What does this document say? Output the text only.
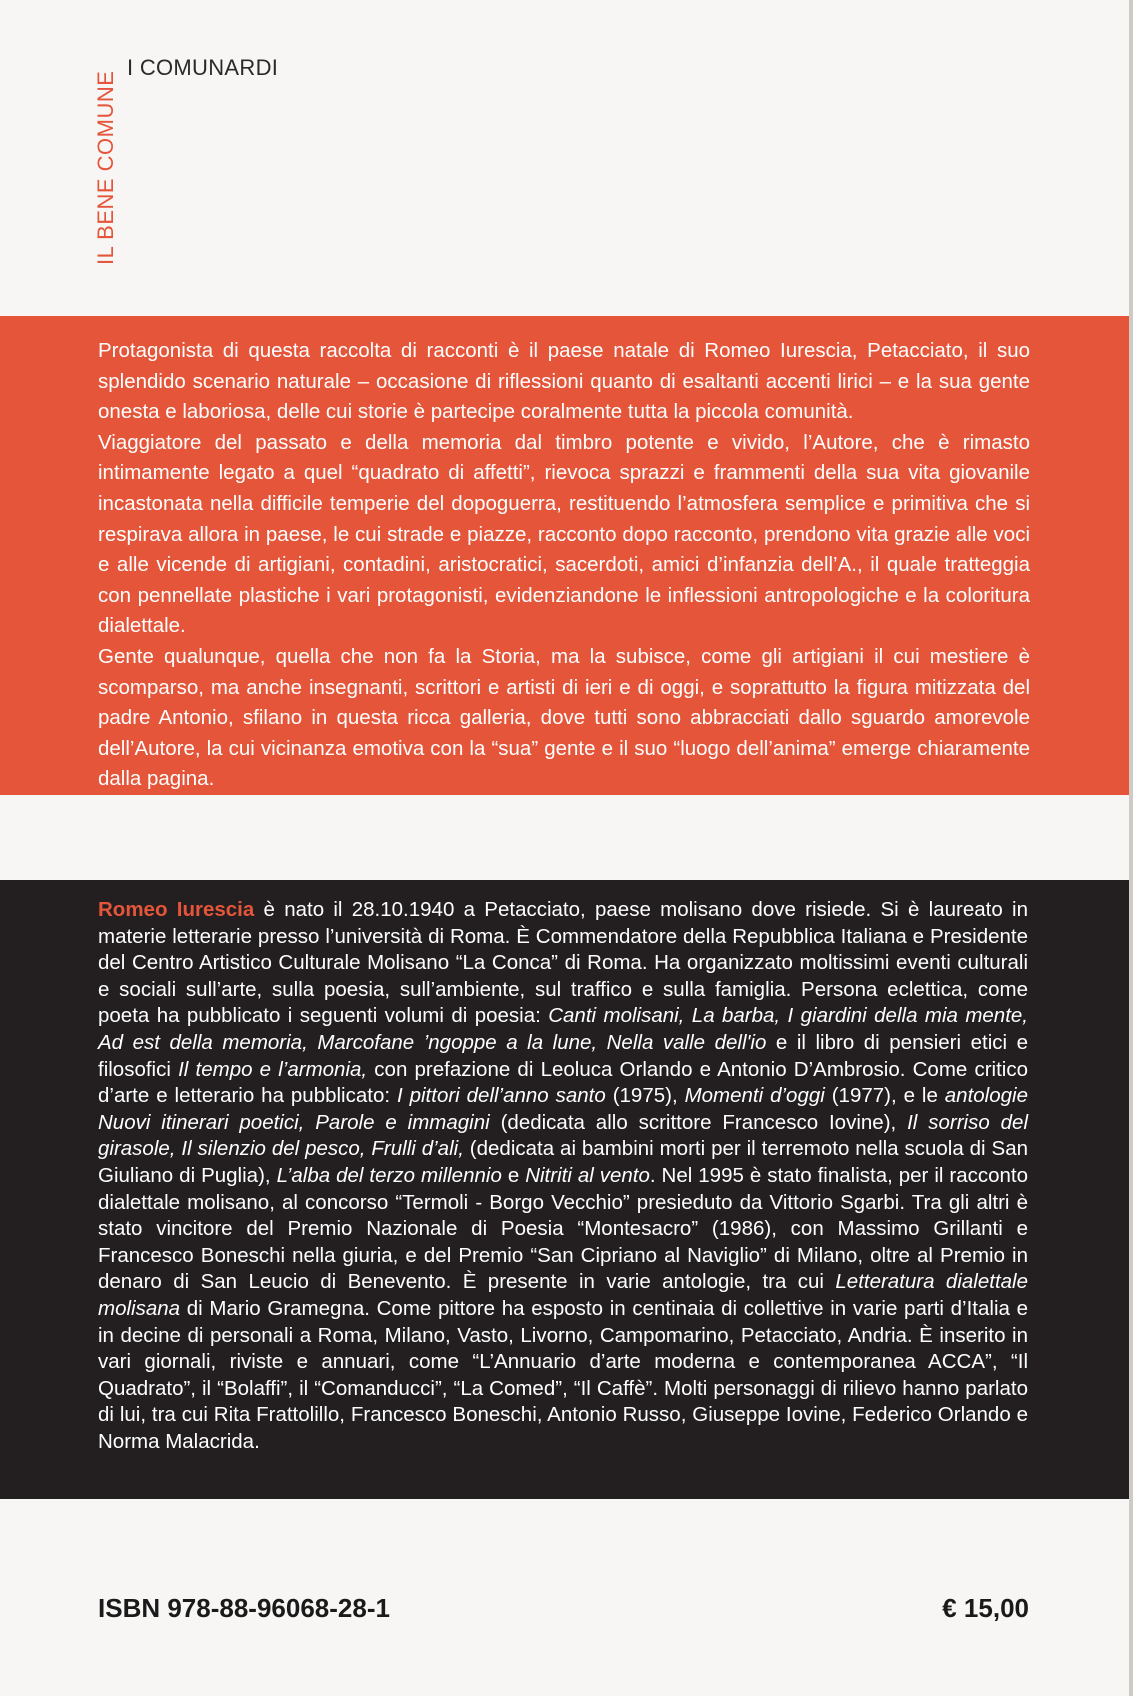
IL BENE COMUNE
I COMUNARDI

Protagonista di questa raccolta di racconti è il paese natale di Romeo Iurescia, Petacciato, il suo splendido scenario naturale – occasione di riflessioni quanto di esaltanti accenti lirici – e la sua gente onesta e laboriosa, delle cui storie è partecipe coralmente tutta la piccola comunità.

Viaggiatore del passato e della memoria dal timbro potente e vivido, l’Autore, che è rimasto intimamente legato a quel “quadrato di affetti”, rievoca sprazzi e frammenti della sua vita giovanile incastonata nella difficile temperie del dopoguerra, restituendo l’atmosfera semplice e primitiva che si respirava allora in paese, le cui strade e piazze, racconto dopo racconto, prendono vita grazie alle voci e alle vicende di artigiani, contadini, aristocratici, sacerdoti, amici d’infanzia dell’A., il quale tratteggia con pennellate plastiche i vari protagonisti, evidenziandone le inflessioni antropologiche e la coloritura dialettale.

Gente qualunque, quella che non fa la Storia, ma la subisce, come gli artigiani il cui mestiere è scomparso, ma anche insegnanti, scrittori e artisti di ieri e di oggi, e soprattutto la figura mitizzata del padre Antonio, sfilano in questa ricca galleria, dove tutti sono abbracciati dallo sguardo amorevole dell’Autore, la cui vicinanza emotiva con la “sua” gente e il suo “luogo dell’anima” emerge chiaramente dalla pagina.

Romeo Iurescia è nato il 28.10.1940 a Petacciato, paese molisano dove risiede. Si è laureato in materie letterarie presso l’università di Roma. È Commendatore della Repubblica Italiana e Presidente del Centro Artistico Culturale Molisano “La Conca” di Roma. Ha organizzato moltissimi eventi culturali e sociali sull’arte, sulla poesia, sull’ambiente, sul traffico e sulla famiglia. Persona eclettica, come poeta ha pubblicato i seguenti volumi di poesia: Canti molisani, La barba, I giardini della mia mente, Ad est della memoria, Marcofane ’ngoppe a la lune, Nella valle dell'io e il libro di pensieri etici e filosofici Il tempo e l’armonia, con prefazione di Leoluca Orlando e Antonio D’Ambrosio. Come critico d’arte e letterario ha pubblicato: I pittori dell’anno santo (1975), Momenti d’oggi (1977), e le antologie Nuovi itinerari poetici, Parole e immagini (dedicata allo scrittore Francesco Iovine), Il sorriso del girasole, Il silenzio del pesco, Frulli d’ali, (dedicata ai bambini morti per il terremoto nella scuola di San Giuliano di Puglia), L’alba del terzo millennio e Nitriti al vento. Nel 1995 è stato finalista, per il racconto dialettale molisano, al concorso “Termoli - Borgo Vecchio” presieduto da Vittorio Sgarbi. Tra gli altri è stato vincitore del Premio Nazionale di Poesia “Montesacro” (1986), con Massimo Grillanti e Francesco Boneschi nella giuria, e del Premio “San Cipriano al Naviglio” di Milano, oltre al Premio in denaro di San Leucio di Benevento. È presente in varie antologie, tra cui Letteratura dialettale molisana di Mario Gramegna. Come pittore ha esposto in centinaia di collettive in varie parti d’Italia e in decine di personali a Roma, Milano, Vasto, Livorno, Campomarino, Petacciato, Andria. È inserito in vari giornali, riviste e annuari, come “L’Annuario d’arte moderna e contemporanea ACCA”, “Il Quadrato”, il “Bolaffi”, il “Comanducci”, “La Comed”, “Il Caffè”. Molti personaggi di rilievo hanno parlato di lui, tra cui Rita Frattolillo, Francesco Boneschi, Antonio Russo, Giuseppe Iovine, Federico Orlando e Norma Malacrida.

ISBN 978-88-96068-28-1	€ 15,00
